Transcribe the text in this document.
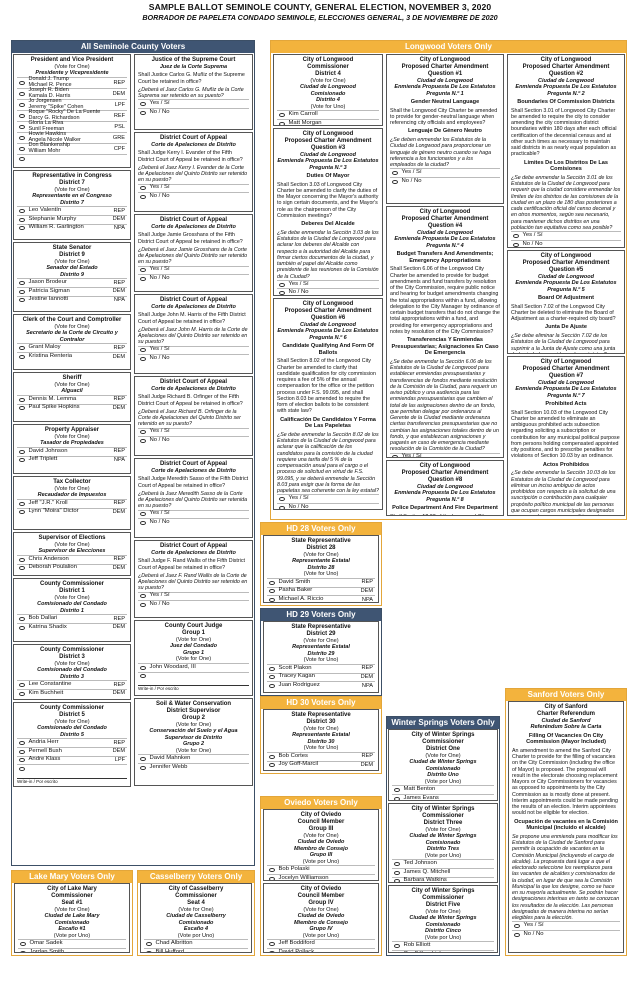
SAMPLE BALLOT SEMINOLE COUNTY, GENERAL ELECTION, NOVEMBER 3, 2020
BORRADOR DE PAPELETA CONDADO SEMINOLE, ELECCIONES GENERAL, 3 DE NOVIEMBRE DE 2020
All Seminole County Voters	Longwood Voters Only
HD 28 Voters Only
HD 29 Voters Only
HD 30 Voters Only
Oviedo Voters Only
Winter Springs Voters Only
Sanford Voters Only
Lake Mary Voters Only	Casselberry Voters Only
President and Vice President
(Vote for One)
Presidente y Vicepresidente
Donald J. Trump
Michael R. Pence	REP
Joseph R. Biden
Kamala D. Harris	DEM
Jo Jorgensen
Jeremy "Spike" Cohen	LPF
Roque "Rocky" De La Fuente
Darcy G. Richardson	REF
Gloria La Riva
Sunil Freeman	PSL
Howie Hawkins
Angela Nicole Walker	GRE
Don Blankenship
William Mohr	CPF
Representative in Congress
District 7
(Vote for One)
Representante en el Congreso
Distrito 7
Leo Valentín	REP
Stephanie Murphy	DEM
William R. Garlington	NPA
State Senator
District 9
(Vote for One)
Senador del Estado
Distrito 9
Jason Brodeur	REP
Patricia Sigman	DEM
Jestine Iannotti	NPA
Clerk of the Court and Comptroller
(Vote for One)
Secretario de la Corte de Circuito y Contralor
Grant Maloy	REP
Kristina Renteria	DEM
Sheriff
(Vote for One)
Alguacil
Dennis M. Lemma	REP
Paul Spike Hopkins	DEM
Property Appraiser
(Vote for One)
Tasador de Propiedades
David Johnson	REP
Jeff Triplett	NPA
Tax Collector
(Vote for One)
Recaudador de Impuestos
Jeff "J.R." Kroll	REP
Lynn "Moira" Dictor	DEM
Supervisor of Elections
(Vote for One)
Supervisor de Elecciones
Chris Anderson	REP
Deborah Poulalion	DEM
County Commissioner
District 1
(Vote for One)
Comisionado del Condado
Distrito 1
Bob Dallari	REP
Katrina Shadix	DEM
County Commissioner
District 3
(Vote for One)
Comisionado del Condado
Distrito 3
Lee Constantine	REP
Kim Buchheit	DEM
County Commissioner
District 5
(Vote for One)
Comisionado del Condado
Distrito 5
Andria Herr	REP
Pernell Bush	DEM
Andre Klass	LPF
Write-in / Por escrito
Justice of the Supreme Court
Juez de la Corte Suprema
Shall Justice Carlos G. Muñiz of the Supreme Court be retained in office?
¿Deberá el Juez Carlos G. Muñiz de la Corte Suprema ser retenido en su puesto?
Yes / Sí
No / No
District Court of Appeal
Corte de Apelaciones de Distrito
Shall Judge Kerry I. Evander of the Fifth District Court of Appeal be retained in office?
¿Deberá el Juez Kerry I. Evander de la Corte de Apelaciones del Quinto Distrito ser retenido en su puesto?
Yes / Sí
No / No
District Court of Appeal
Corte de Apelaciones de Distrito
Shall Judge Jamie Grosshans of the Fifth District Court of Appeal be retained in office?
¿Deberá el Juez Jamie Grosshans de la Corte de Apelaciones del Quinto Distrito ser retenido en su puesto?
Yes / Sí
No / No
District Court of Appeal
Corte de Apelaciones de Distrito
Shall Judge John M. Harris of the Fifth District Court of Appeal be retained in office?
¿Deberá el Juez John M. Harris de la Corte de Apelaciones del Quinto Distrito ser retenido en su puesto?
Yes / Sí
No / No
District Court of Appeal
Corte de Apelaciones de Distrito
Shall Judge Richard B. Orfinger of the Fifth District Court of Appeal be retained in office?
¿Deberá el Juez Richard B. Orfinger de la Corte de Apelaciones del Quinto Distrito ser retenido en su puesto?
Yes / Sí
No / No
District Court of Appeal
Corte de Apelaciones de Distrito
Shall Judge Meredith Sasso of the Fifth District Court of Appeal be retained in office?
¿Deberá la Juez Meredith Sasso de la Corte de Apelaciones del Quinto Distrito ser retenida en su puesto?
Yes / Sí
No / No
District Court of Appeal
Corte de Apelaciones de Distrito
Shall Judge F. Rand Wallis of the Fifth District Court of Appeal be retained in office?
¿Deberá el Juez F. Rand Wallis de la Corte de Apelaciones del Quinto Distrito ser retenido en su puesto?
Yes / Sí
No / No
County Court Judge
Group 1
(Vote for One)
Juez del Condado
Grupo 1
(Vote for One)
John Woodard, III
Write-in / Por escrito
Soil & Water Conservation
District Supervisor
Group 2
(Vote for One)
Conservación del Suelo y el Agua
Supervisor de Distrito
Grupo 2
(Vote for One)
David Mahnken
Jennifer Webb
City of Longwood
Commissioner
District 4
(Vote for One)
Ciudad de Longwood
Comisionado
Distrito 4
(Vote for Uno)
Kim Carroll
Matt Morgan
City of Longwood
Proposed Charter Amendment
Question #3
Ciudad de Longwood
Enmienda Propuesta De Los Estatutos
Pregunta N.º 3
Duties Of Mayor
Shall Section 3.03 of Longwood City Charter be amended to clarify the duties of the Mayor concerning the Mayor's authority to sign certain documents, and the Mayor's role as the chairperson of the City Commission meetings?
Deberes Del Alcalde
¿Se debe enmendar la Sección 3.03 de los Estatutos de la Ciudad de Longwood para aclarar los deberes del Alcalde con respecto a la autoridad del Alcalde para firmar ciertos documentos de la ciudad, y también el papel del Alcalde como presidente de las reuniones de la Comisión de la Ciudad?
Yes / Sí
No / No
City of Longwood
Proposed Charter Amendment
Question #6
Ciudad de Longwood
Enmienda Propuesta De Los Estatutos
Pregunta N.º 6
Candidate Qualifying And Form Of Ballots
Shall Section 8.02 of the Longwood City Charter be amended to clarify that candidate qualification for city commission requires a fee of 5% of the annual compensation for the office or the petition process under F.S. 99.095, and shall Section 8.03 be amended to require the form of election ballots to be consistent with state law?
Calificación De Candidatos Y Forma De Las Papeletas
¿Se debe enmendar la Sección 8.02 de los Estatutos de la Ciudad de Longwood para aclarar que la calificación de los candidatos para la comisión de la ciudad requiere una tarifa del 5 % de la compensación anual para el cargo o el proceso de solicitud en virtud de F.S. 99.095, y se deberá enmendar la Sección 8.03 para exigir que la forma de las papeletas sea coherente con la ley estatal?
Yes / Sí
No / No
City of Longwood
Proposed Charter Amendment
Question #1
Ciudad de Longwood
Enmienda Propuesta De Los Estatutos
Pregunta N.º 1
Gender Neutral Language
Shall the Longwood City Charter be amended to provide for gender-neutral language when referencing city officials and employees?
Lenguaje De Género Neutro
¿Se deben enmendar los Estatutos de la Ciudad de Longwood para proporcionar un lenguaje de género neutro cuando se haga referencia a los funcionarios y a los empleados de la ciudad?
Yes / Sí
No / No
City of Longwood
Proposed Charter Amendment
Question #4
Ciudad de Longwood
Enmienda Propuesta De Los Estatutos
Pregunta N.º 4
Budget Transfers And Amendments; Emergency Appropriations
Shall Section 6.06 of the Longwood City Charter be amended to provide for budget amendments and fund transfers by resolution of the City Commission, require public notice and hearing for budget amendments changing the total appropriations within a fund, allowing delegation to the City Manager by ordinance of certain budget transfers that do not change the total appropriations within a fund, and providing for emergency appropriations and notes by resolution of the City Commission?
Transferencias Y Enmiendas Presupuestarias; Asignaciones En Caso De Emergencia
¿Se debe enmendar la Sección 6.06 de los Estatutos de la Ciudad de Longwood para establecer enmiendas presupuestarias y transferencias de fondos mediante resolución de la Comisión de la Ciudad, para requerir un aviso público y una audiencia para las enmiendas presupuestarias que cambien el total de las asignaciones dentro de un fondo, que permitan delegar por ordenanza al Gerente de la Ciudad mediante ordenanza ciertas transferencias presupuestarias que no cambian las asignaciones totales dentro de un fondo, y que establezcan asignaciones y pagarés en caso de emergencia mediante resolución de la Comisión de la Ciudad?
Yes / Sí
City of Longwood
Proposed Charter Amendment
Question #8
Ciudad de Longwood
Enmienda Propuesta De Los Estatutos
Pregunta N.º 8
Police Department And Fire Department
City of Longwood
Proposed Charter Amendment
Question #2
Ciudad de Longwood
Enmienda Propuesta De Los Estatutos
Pregunta N.º 2
Boundaries Of Commission Districts
Shall Section 3.01 of Longwood City Charter be amended to require the city to consider amending the city commission district boundaries within 180 days after each official certification of the decennial census and at other such times as necessary to maintain said districts in as nearly equal population as practicable?
Límites De Los Distritos De Las Comisiones
¿Se debe enmendar la Sección 3.01 de los Estatutos de la Ciudad de Longwood para requerir que la ciudad considere enmendar los límites de los distritos de las comisiones de la ciudad en un plazo de 180 días posteriores a cada certificación oficial del censo decenal y en otros momentos, según sea necesario, para mantener dichos distritos en una población tan equitativa como sea posible?
Yes / Sí
No / No
City of Longwood
Proposed Charter Amendment
Question #5
Ciudad de Longwood
Enmienda Propuesta De Los Estatutos
Pregunta N.º 5
Board Of Adjustment
Shall Section 7.02 of the Longwood City Charter be deleted to eliminate the Board of Adjustment as a charter-required city board?
Junta De Ajuste
¿Se debe eliminar la Sección 7.02 de los Estatutos de la Ciudad de Longwood para suprimir a la Junta de Ajuste como una junta
City of Longwood
Proposed Charter Amendment
Question #7
Ciudad de Longwood
Enmienda Propuesta De Los Estatutos
Pregunta N.º 7
Prohibited Acts
Shall Section 10.03 of the Longwood City Charter be amended to eliminate an ambiguous prohibited acts subsection regarding soliciting a subscription or contribution for any municipal political purpose from persons holding compensated appointed city positions, and to prescribe penalties for violations of Section 10.03 by an ordinance.
Actos Prohibidos
¿Se debe enmendar la Sección 10.03 de los Estatutos de la Ciudad de Longwood para eliminar un inciso ambiguo de actos prohibidos con respecto a la solicitud de una suscripción o contribución para cualquier propósito político municipal de las personas que ocupan cargos municipales designados
State Representative
District 28
(Vote for One)
Representante Estatal
Distrito 28
(Vote for Uno)
David Smith	REP
Pasha Baker	DEM
Michael A. Riccio	NPA
State Representative
District 29
(Vote for One)
Representante Estatal
Distrito 29
(Vote for Uno)
Scott Plakon	REP
Tracey Kagan	DEM
Juan Rodriguez	NPA
State Representative
District 30
(Vote for One)
Representante Estatal
Distrito 30
(Vote for Uno)
Bob Cortes	REP
Joy Goff-Marcil	DEM
City of Oviedo
Council Member
Group III
(Vote for One)
Ciudad de Oviedo
Miembro de Consejo
Grupo III
(Vote por Uno)
Bob Polaski
Jocelyn Williamson
City of Oviedo
Council Member
Group IV
(Vote for One)
Ciudad de Oviedo
Miembro de Consejo
Grupo IV
(Vote por Uno)
Jeff Boddiford
David Pollack
City of Winter Springs
Commissioner
District One
(Vote for One)
Ciudad de Winter Springs
Comisionado
Distrito Uno
(Vote por Uno)
Matt Benton
James Evans
City of Winter Springs
Commissioner
District Three
(Vote for One)
Ciudad de Winter Springs
Comisionado
Distrito Tres
(Vote por Uno)
Ted Johnson
James Q. Mitchell
Barbara Watkins
City of Winter Springs
Commissioner
District Five
(Vote for One)
Ciudad de Winter Springs
Comisionado
Distrito Cinco
(Vote por Uno)
Rob Elliott
City of Sanford
Charter Referendum
Ciudad de Sanford
Referéndum Sobre la Carta
Filling Of Vacancies On City Commission (Mayor Included)
An amendment to amend the Sanford City Charter to provide for the filling of vacancies on the City Commission (including the office of Mayor) is proposed. The proposal will result in the electorate choosing replacement Mayors or City Commissioners for vacancies as opposed to appointments by the City Commission as is mostly done at present. Interim appointments could be made pending the results of an election. Interim appointees would not be eligible for election.
Ocupación de vacantes en la Comisión Municipal (incluido el alcalde)
Se propone una enmienda para modificar los Estatutos de la Ciudad de Sanford para permitir la ocupación de vacantes en la Comisión Municipal (incluyendo el cargo de alcalde). La propuesta dará lugar a que el electorado seleccione los reemplazos para las vacantes de alcaldes y comisionados de la ciudad, en lugar de que sea la Comisión Municipal la que los designe, como se hace en su mayoría actualmente. Se podrán hacer designaciones interinas en tanto se conozcan los resultados de la elección. Las personas designadas de manera interina no serían elegibles para la elección.
Yes / Sí
No / No
City of Lake Mary
Commissioner
Seat #1
(Vote for One)
Ciudad de Lake Mary
Comisionado
Escaño #1
(Vote por Uno)
Omar Sadek
Jordan Smith
City of Casselberry
Commissioner
Seat 4
(Vote for One)
Ciudad de Casselberry
Comisionado
Escaño 4
(Vote por Uno)
Chad Albritton
Bill Hufford
